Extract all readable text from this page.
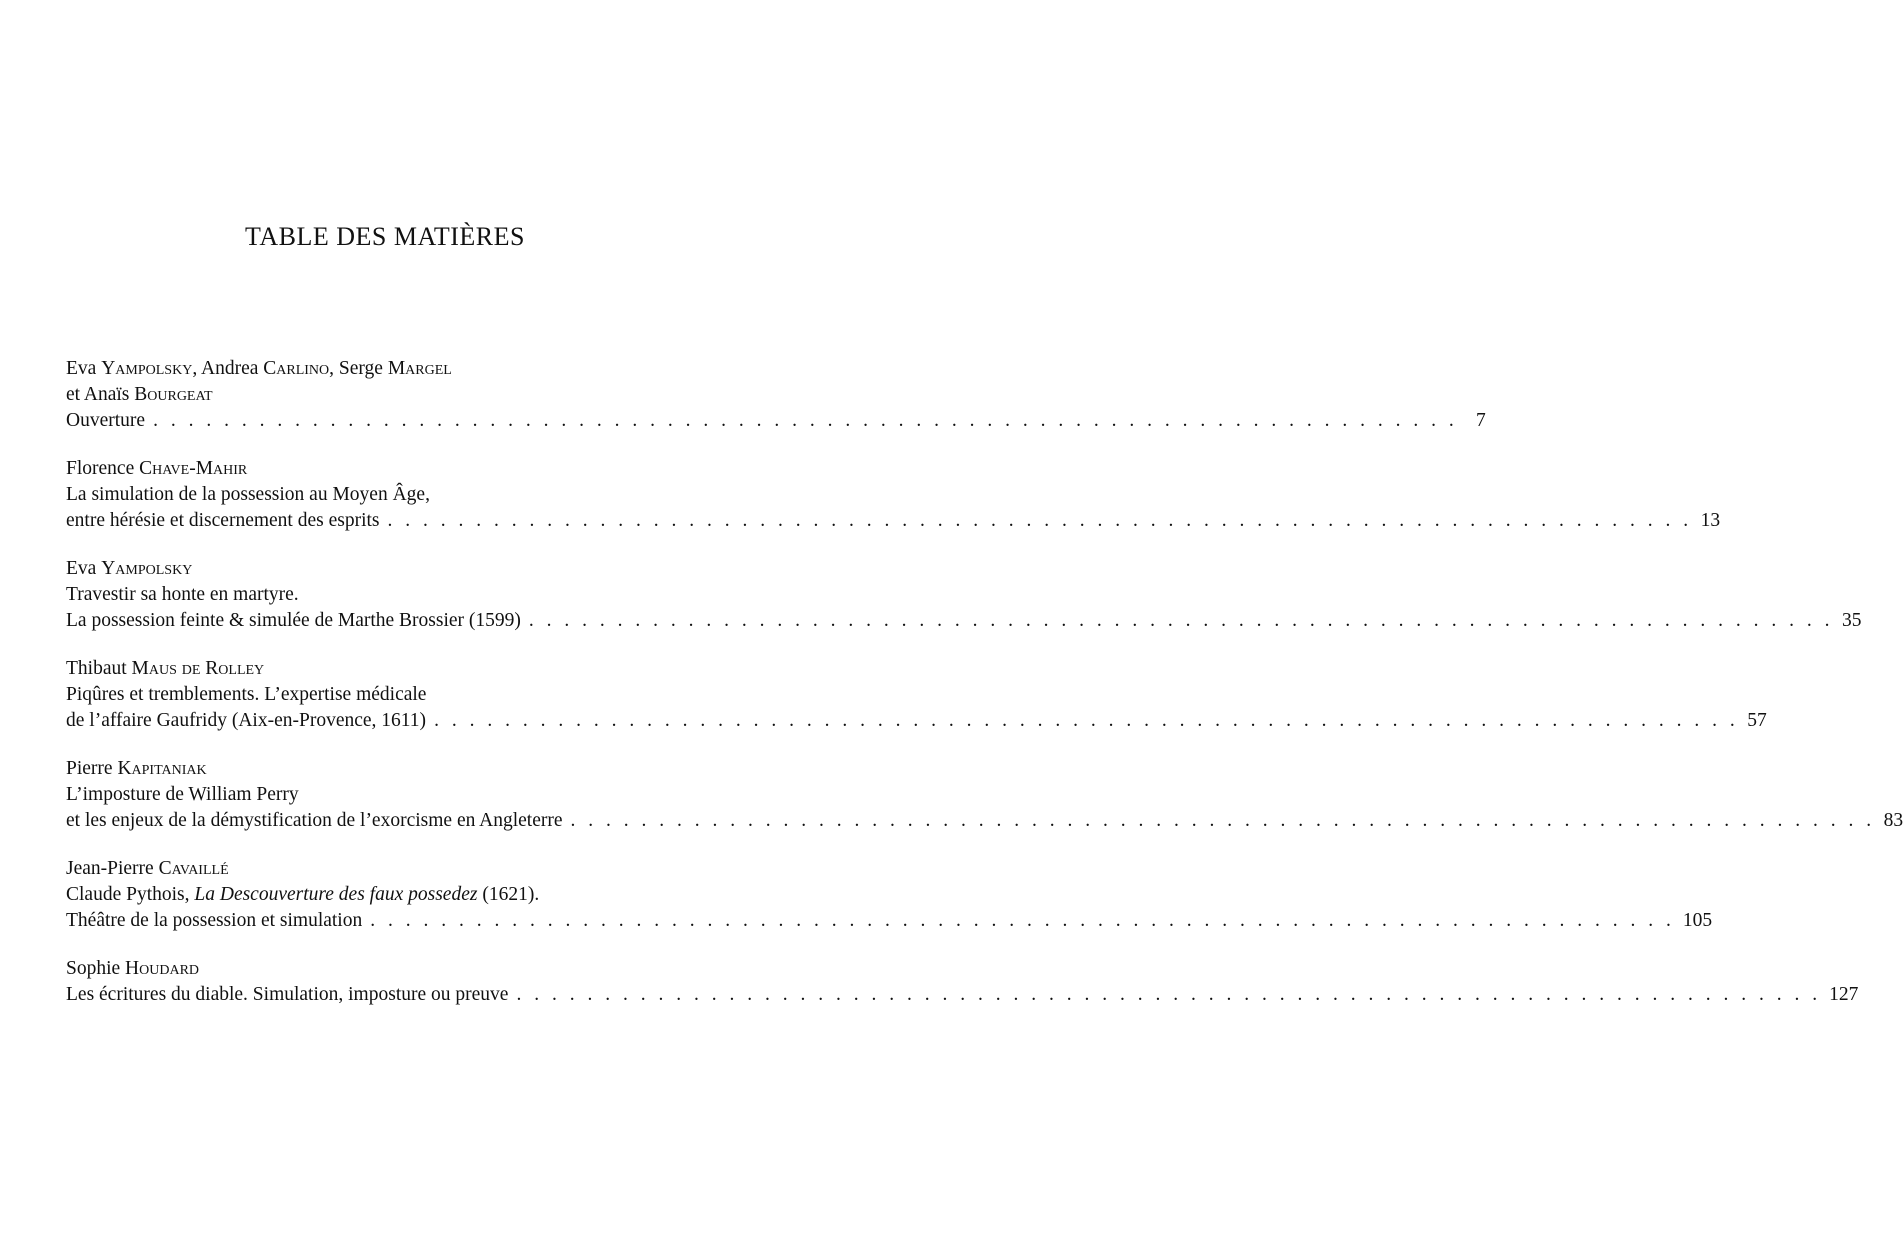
TABLE DES MATIÈRES
Eva Yampolsky, Andrea Carlino, Serge Margel
et Anaïs Bourgeat
Ouverture . . . . . . . . . . . . . . . . . . . . . . . . . . . . . . . . . . . . . . . . . . . . . . . . . . . . . . . . . . . . . . . . . . . . . . . . . . 7
Florence Chave-Mahir
La simulation de la possession au Moyen Âge,
entre hérésie et discernement des esprits . . . . . . . . . . . . . . . . . . . . . . . . . . . . . . . . . . . . . . . . . . . . . . . . . . . . . . . . . . . . . . . . . . . . . . . . . . 13
Eva Yampolsky
Travestir sa honte en martyre.
La possession feinte & simulée de Marthe Brossier (1599) . . . . . . . . . . . . . . . . . . . . . . . . . . . . . . . . . . . . . . . . . . . . . . . . . . . . . . . . . . . . . . . . . . . . . . . . . . 35
Thibaut Maus de Rolley
Piqûres et tremblements. L’expertise médicale
de l’affaire Gaufridy (Aix-en-Provence, 1611) . . . . . . . . . . . . . . . . . . . . . . . . . . . . . . . . . . . . . . . . . . . . . . . . . . . . . . . . . . . . . . . . . . . . . . . . . . 57
Pierre Kapitaniak
L’imposture de William Perry
et les enjeux de la démystification de l’exorcisme en Angleterre . . . . . . . . . . . . . . . . . . . . . . . . . . . . . . . . . . . . . . . . . . . . . . . . . . . . . . . . . . . . . . . . . . . . . . . . . . 83
Jean-Pierre Cavaillé
Claude Pythois, La Descouverture des faux possedez (1621).
Théâtre de la possession et simulation . . . . . . . . . . . . . . . . . . . . . . . . . . . . . . . . . . . . . . . . . . . . . . . . . . . . . . . . . . . . . . . . . . . . . . . . . . 105
Sophie Houdard
Les écritures du diable. Simulation, imposture ou preuve . . . . . . . . . . . . . . . . . . . . . . . . . . . . . . . . . . . . . . . . . . . . . . . . . . . . . . . . . . . . . . . . . . . . . . . . . . 127
